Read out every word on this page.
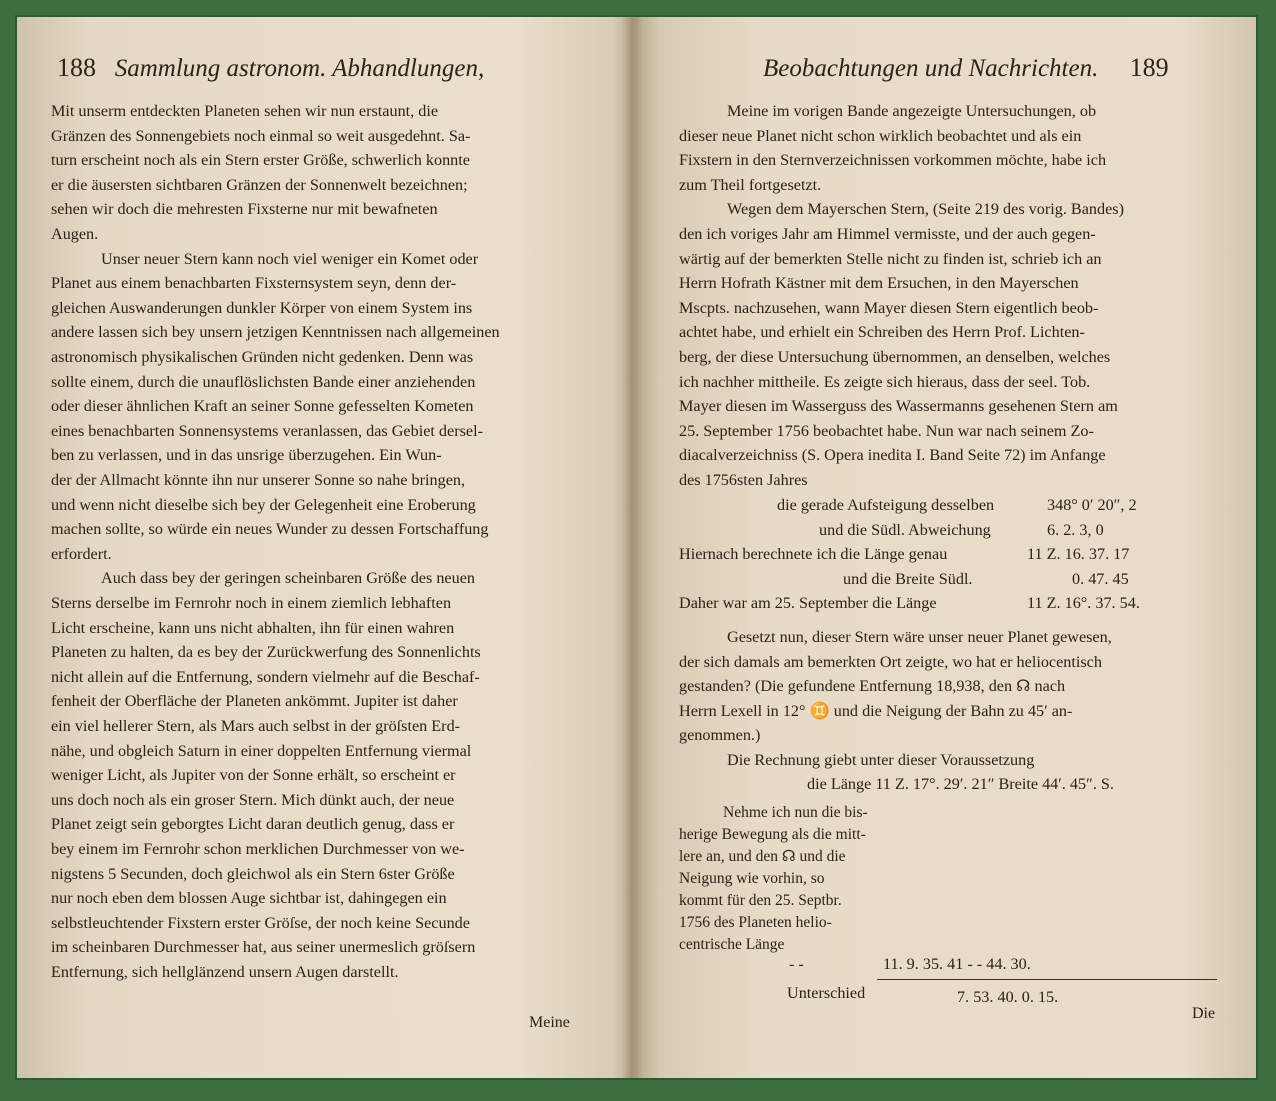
188 Sammlung astronom. Abhandlungen,
Mit unserm entdeckten Planeten sehen wir nun erstaunt, die
Gränzen des Sonnengebiets noch einmal so weit ausgedehnt. Sa-
turn erscheint noch als ein Stern erster Größe, schwerlich konnte
er die äusersten sichtbaren Gränzen der Sonnenwelt bezeichnen;
sehen wir doch die mehresten Fixsterne nur mit bewafneten
Augen.
Unser neuer Stern kann noch viel weniger ein Komet oder
Planet aus einem benachbarten Fixsternsystem seyn, denn der-
gleichen Auswanderungen dunkler Körper von einem System ins
andere lassen sich bey unsern jetzigen Kenntnissen nach allgemeinen
astronomisch physikalischen Gründen nicht gedenken. Denn was
sollte einem, durch die unauflöslichsten Bande einer anziehenden
oder dieser ähnlichen Kraft an seiner Sonne gefesselten Kometen
eines benachbarten Sonnensystems veranlassen, das Gebiet dersel-
ben zu verlassen, und in das unsrige überzugehen. Ein Wun-
der der Allmacht könnte ihn nur unserer Sonne so nahe bringen,
und wenn nicht dieselbe sich bey der Gelegenheit eine Eroberung
machen sollte, so würde ein neues Wunder zu dessen Fortschaffung
erfordert.
Auch dass bey der geringen scheinbaren Größe des neuen
Sterns derselbe im Fernrohr noch in einem ziemlich lebhaften
Licht erscheine, kann uns nicht abhalten, ihn für einen wahren
Planeten zu halten, da es bey der Zurückwerfung des Sonnenlichts
nicht allein auf die Entfernung, sondern vielmehr auf die Beschaf-
fenheit der Oberfläche der Planeten ankömmt. Jupiter ist daher
ein viel hellerer Stern, als Mars auch selbst in der gröſsten Erd-
nähe, und obgleich Saturn in einer doppelten Entfernung viermal
weniger Licht, als Jupiter von der Sonne erhält, so erscheint er
uns doch noch als ein groser Stern. Mich dünkt auch, der neue
Planet zeigt sein geborgtes Licht daran deutlich genug, dass er
bey einem im Fernrohr schon merklichen Durchmesser von we-
nigstens 5 Secunden, doch gleichwol als ein Stern 6ster Größe
nur noch eben dem blossen Auge sichtbar ist, dahingegen ein
selbstleuchtender Fixstern erster Gröſse, der noch keine Secunde
im scheinbaren Durchmesser hat, aus seiner unermeslich gröſsern
Entfernung, sich hellglänzend unsern Augen darstellt.
Meine
Beobachtungen und Nachrichten. 189
Meine im vorigen Bande angezeigte Untersuchungen, ob
dieser neue Planet nicht schon wirklich beobachtet und als ein
Fixstern in den Sternverzeichnissen vorkommen möchte, habe ich
zum Theil fortgesetzt.
Wegen dem Mayerschen Stern, (Seite 219 des vorig. Bandes)
den ich voriges Jahr am Himmel vermisste, und der auch gegen-
wärtig auf der bemerkten Stelle nicht zu finden ist, schrieb ich an
Herrn Hofrath Kästner mit dem Ersuchen, in den Mayerschen
Mscpts. nachzusehen, wann Mayer diesen Stern eigentlich beob-
achtet habe, und erhielt ein Schreiben des Herrn Prof. Lichten-
berg, der diese Untersuchung übernommen, an denselben, welches
ich nachher mittheile. Es zeigte sich hieraus, dass der seel. Tob.
Mayer diesen im Wasserguss des Wassermanns gesehenen Stern am
25. September 1756 beobachtet habe. Nun war nach seinem Zo-
diacalverzeichniss (S. Opera inedita I. Band Seite 72) im Anfange
des 1756sten Jahres
die gerade Aufsteigung desselben	348° 0′ 20″, 2
und die Südl. Abweichung	6. 2. 3, 0
Hiernach berechnete ich die Länge genau	11 Z. 16. 37. 17
und die Breite Südl.	0. 47. 45
Daher war am 25. September die Länge	11 Z. 16°. 37. 54.
Gesetzt nun, dieser Stern wäre unser neuer Planet gewesen,
der sich damals am bemerkten Ort zeigte, wo hat er heliocentisch
gestanden? (Die gefundene Entfernung 18,938, den ☊ nach
Herrn Lexell in 12° ♊ und die Neigung der Bahn zu 45′ an-
genommen.)
Die Rechnung giebt unter dieser Voraussetzung
die Länge 11 Z. 17°. 29′. 21″ Breite 44′. 45″. S.
Nehme ich nun die bis-
herige Bewegung als die mitt-
lere an, und den ☊ und die
Neigung wie vorhin, so
kommt für den 25. Septbr.
1756 des Planeten helio-
centrische Länge
- -	11. 9. 35. 41 - - 44. 30.
Unterschied	7. 53. 40. 0. 15.
Die
